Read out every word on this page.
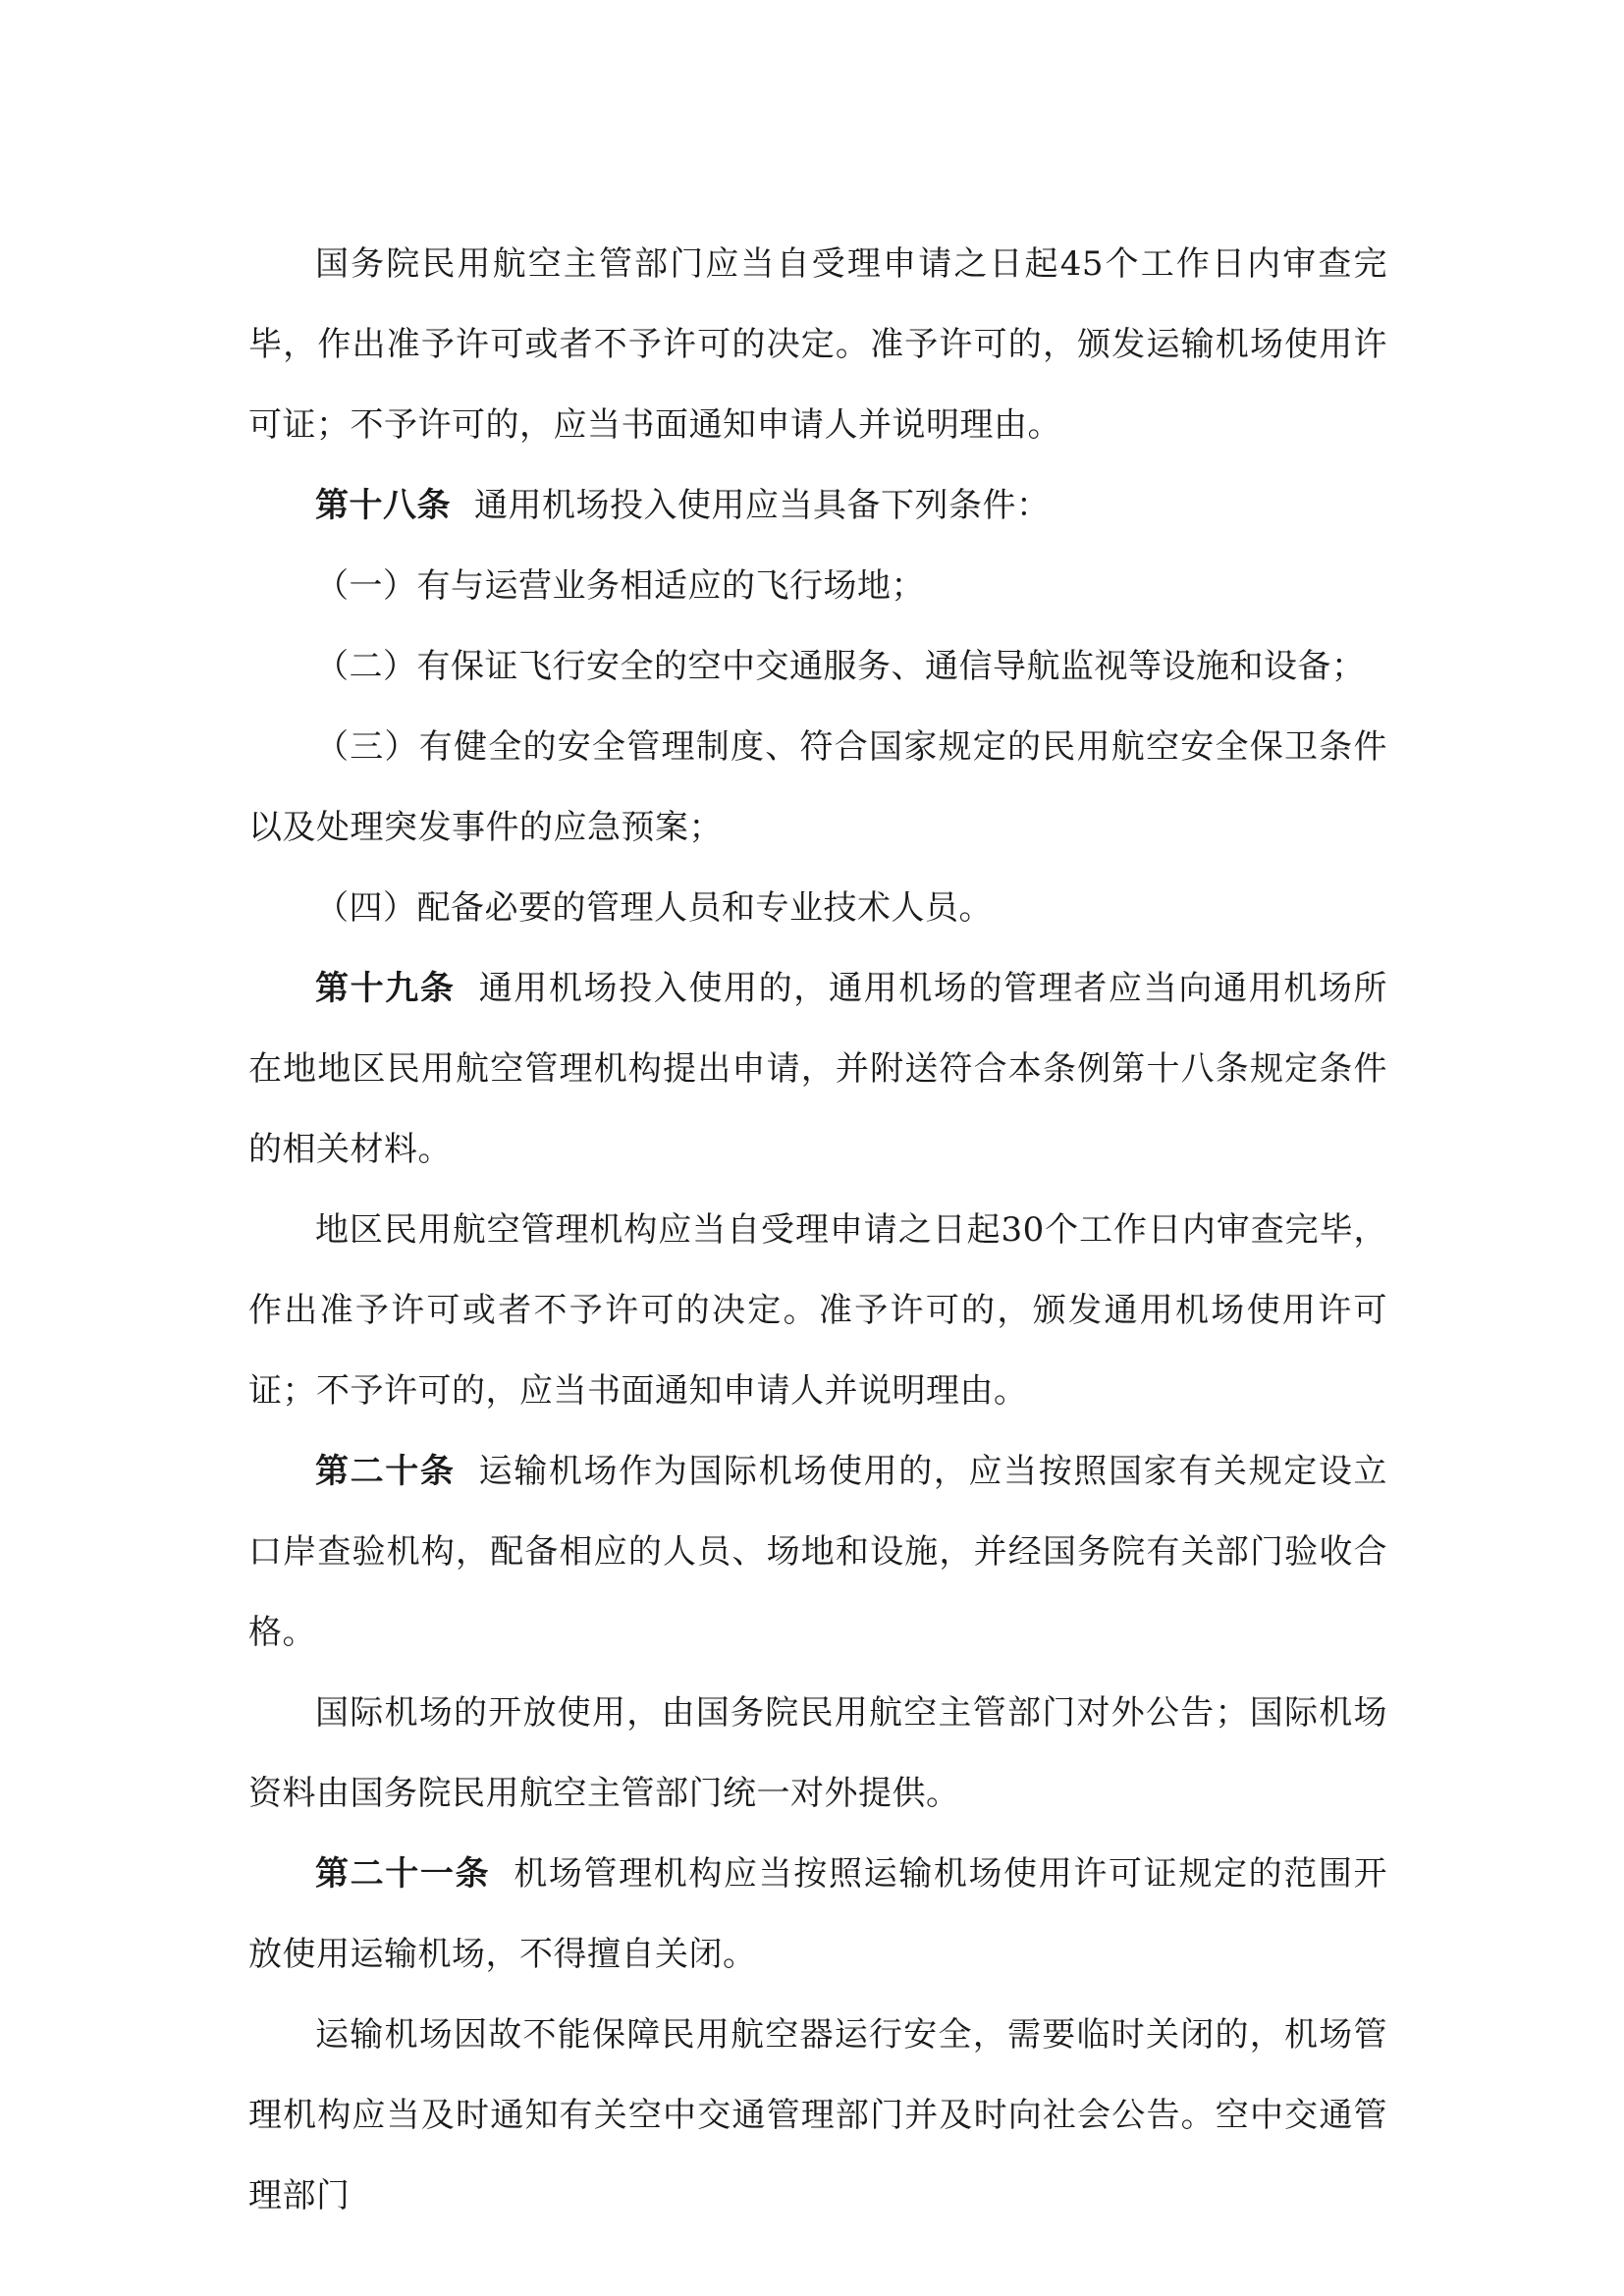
国务院民用航空主管部门应当自受理申请之日起45个工作日内审查完毕，作出准予许可或者不予许可的决定。准予许可的，颁发运输机场使用许可证；不予许可的，应当书面通知申请人并说明理由。

第十八条 通用机场投入使用应当具备下列条件：

（一）有与运营业务相适应的飞行场地；

（二）有保证飞行安全的空中交通服务、通信导航监视等设施和设备；

（三）有健全的安全管理制度、符合国家规定的民用航空安全保卫条件以及处理突发事件的应急预案；

（四）配备必要的管理人员和专业技术人员。

第十九条 通用机场投入使用的，通用机场的管理者应当向通用机场所在地地区民用航空管理机构提出申请，并附送符合本条例第十八条规定条件的相关材料。

地区民用航空管理机构应当自受理申请之日起30个工作日内审查完毕，作出准予许可或者不予许可的决定。准予许可的，颁发通用机场使用许可证；不予许可的，应当书面通知申请人并说明理由。

第二十条 运输机场作为国际机场使用的，应当按照国家有关规定设立口岸查验机构，配备相应的人员、场地和设施，并经国务院有关部门验收合格。

国际机场的开放使用，由国务院民用航空主管部门对外公告；国际机场资料由国务院民用航空主管部门统一对外提供。

第二十一条 机场管理机构应当按照运输机场使用许可证规定的范围开放使用运输机场，不得擅自关闭。

运输机场因故不能保障民用航空器运行安全，需要临时关闭的，机场管理机构应当及时通知有关空中交通管理部门并及时向社会公告。空中交通管理部门
